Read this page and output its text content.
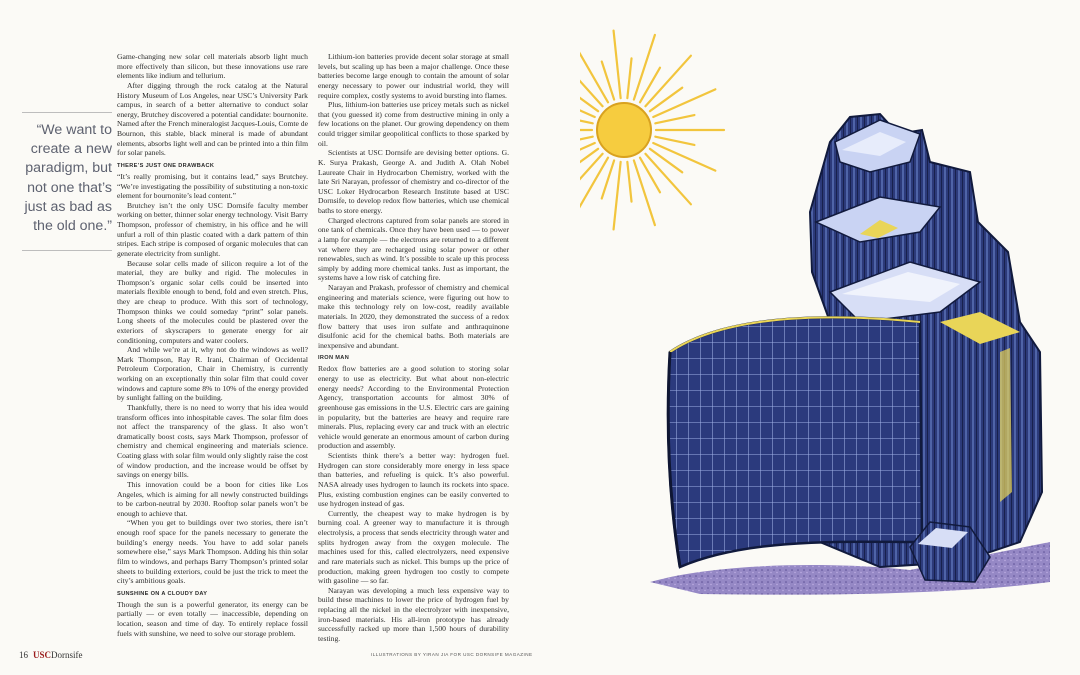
“We want to create a new paradigm, but not one that’s just as bad as the old one.”

Game-changing new solar cell materials absorb light much more effectively than silicon, but these innovations use rare elements like indium and tellurium.

After digging through the rock catalog at the Natural History Museum of Los Angeles, near USC’s University Park campus, in search of a better alternative to conduct solar energy, Brutchey discovered a potential candidate: bournonite. Named after the French mineralogist Jacques-Louis, Comte de Bournon, this stable, black mineral is made of abundant elements, absorbs light well and can be printed into a thin film for solar panels.

THERE’S JUST ONE DRAWBACK

“It’s really promising, but it contains lead,” says Brutchey. “We’re investigating the possibility of substituting a non-toxic element for bournonite’s lead content.”

Brutchey isn’t the only USC Dornsife faculty member working on better, thinner solar energy technology. Visit Barry Thompson, professor of chemistry, in his office and he will unfurl a roll of thin plastic coated with a dark pattern of thin stripes. Each stripe is composed of organic molecules that can generate electricity from sunlight.

Because solar cells made of silicon require a lot of the material, they are bulky and rigid. The molecules in Thompson’s organic solar cells could be inserted into materials flexible enough to bend, fold and even stretch. Plus, they are cheap to produce. With this sort of technology, Thompson thinks we could someday “print” solar panels. Long sheets of the molecules could be plastered over the exteriors of skyscrapers to generate energy for air conditioning, computers and water coolers.

And while we’re at it, why not do the windows as well? Mark Thompson, Ray R. Irani, Chairman of Occidental Petroleum Corporation, Chair in Chemistry, is currently working on an exceptionally thin solar film that could cover windows and capture some 8% to 10% of the energy provided by sunlight falling on the building.

Thankfully, there is no need to worry that his idea would transform offices into inhospitable caves. The solar film does not affect the transparency of the glass. It also won’t dramatically boost costs, says Mark Thompson, professor of chemistry and chemical engineering and materials science. Coating glass with solar film would only slightly raise the cost of window production, and the increase would be offset by savings on energy bills.

This innovation could be a boon for cities like Los Angeles, which is aiming for all newly constructed buildings to be carbon-neutral by 2030. Rooftop solar panels won’t be enough to achieve that.

“When you get to buildings over two stories, there isn’t enough roof space for the panels necessary to generate the building’s energy needs. You have to add solar panels somewhere else,” says Mark Thompson. Adding his thin solar film to windows, and perhaps Barry Thompson’s printed solar sheets to building exteriors, could be just the trick to meet the city’s ambitious goals.

SUNSHINE ON A CLOUDY DAY

Though the sun is a powerful generator, its energy can be partially — or even totally — inaccessible, depending on location, season and time of day. To entirely replace fossil fuels with sunshine, we need to solve our storage problem.

Lithium-ion batteries provide decent solar storage at small levels, but scaling up has been a major challenge. Once these batteries become large enough to contain the amount of solar energy necessary to power our industrial world, they will require complex, costly systems to avoid bursting into flames.

Plus, lithium-ion batteries use pricey metals such as nickel that (you guessed it) come from destructive mining in only a few locations on the planet. Our growing dependency on them could trigger similar geopolitical conflicts to those sparked by oil.

Scientists at USC Dornsife are devising better options. G. K. Surya Prakash, George A. and Judith A. Olah Nobel Laureate Chair in Hydrocarbon Chemistry, worked with the late Sri Narayan, professor of chemistry and co-director of the USC Loker Hydrocarbon Research Institute based at USC Dornsife, to develop redox flow batteries, which use chemical baths to store energy.

Charged electrons captured from solar panels are stored in one tank of chemicals. Once they have been used — to power a lamp for example — the electrons are returned to a different vat where they are recharged using solar power or other renewables, such as wind. It’s possible to scale up this process simply by adding more chemical tanks. Just as important, the systems have a low risk of catching fire.

Narayan and Prakash, professor of chemistry and chemical engineering and materials science, were figuring out how to make this technology rely on low-cost, readily available materials. In 2020, they demonstrated the success of a redox flow battery that uses iron sulfate and anthraquinone disulfonic acid for the chemical baths. Both materials are inexpensive and abundant.

IRON MAN

Redox flow batteries are a good solution to storing solar energy to use as electricity. But what about non-electric energy needs? According to the Environmental Protection Agency, transportation accounts for almost 30% of greenhouse gas emissions in the U.S. Electric cars are gaining in popularity, but the batteries are heavy and require rare minerals. Plus, replacing every car and truck with an electric vehicle would generate an enormous amount of carbon during production and assembly.

Scientists think there’s a better way: hydrogen fuel. Hydrogen can store considerably more energy in less space than batteries, and refueling is quick. It’s also powerful. NASA already uses hydrogen to launch its rockets into space. Plus, existing combustion engines can be easily converted to use hydrogen instead of gas.

Currently, the cheapest way to make hydrogen is by burning coal. A greener way to manufacture it is through electrolysis, a process that sends electricity through water and splits hydrogen away from the oxygen molecule. The machines used for this, called electrolyzers, need expensive and rare materials such as nickel. This bumps up the price of production, making green hydrogen too costly to compete with gasoline — so far.

Narayan was developing a much less expensive way to build these machines to lower the price of hydrogen fuel by replacing all the nickel in the electrolyzer with inexpensive, iron-based materials. His all-iron prototype has already successfully racked up more than 1,500 hours of durability testing.

16 USCDornsife	ILLUSTRATIONS BY YIRAN JIA FOR USC DORNSIFE MAGAZINE
